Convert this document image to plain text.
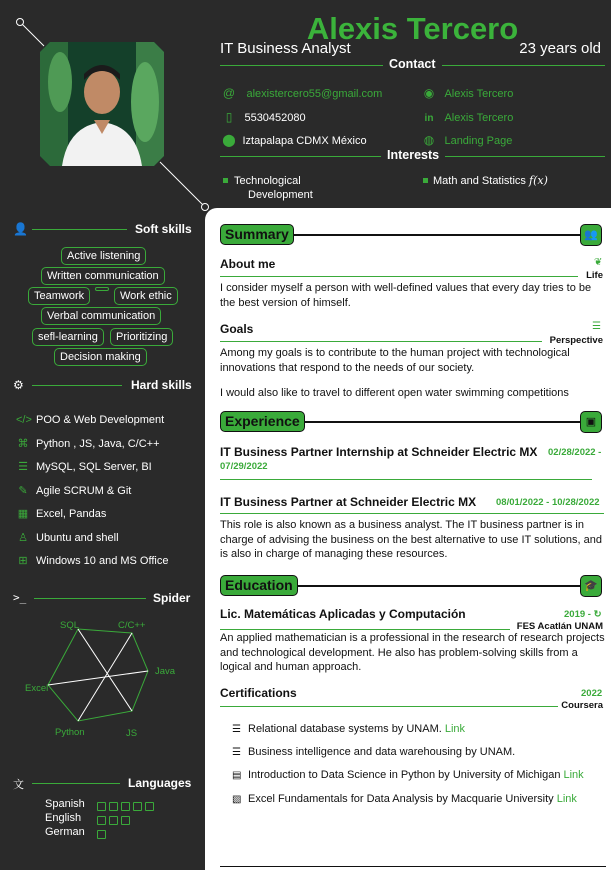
Alexis Tercero
IT Business Analyst	23 years old
Contact
@ alexistercero55@gmail.com
▯ 5530452080
⬤ Iztapalapa CDMX México
◉ Alexis Tercero
in Alexis Tercero
◍ Landing Page
Interests
Technological
Development
Math and Statistics f(x)
👤	Soft skills
Active listening
Written communication
Teamwork	Work ethic
Verbal communication
sefl-learning	Prioritizing
Decision making
⚙	Hard skills
</> POO & Web Development
⌘ Python , JS, Java, C/C++
☰ MySQL, SQL Server, BI
✎ Agile SCRUM & Git
▦ Excel, Pandas
♙ Ubuntu and shell
⊞ Windows 10 and MS Office
>_	Spider
SQL	C/C++
Java
JS
Python
Excel
文	Languages
Spanish
English
German
Summary	👥
About me	❦
Life
I consider myself a person with well-defined values that every day tries to be the best version of himself.
Goals	☰
Perspective
Among my goals is to contribute to the human project with technological innovations that respond to the needs of our society.
I would also like to travel to different open water swimming competitions
Experience	▣
IT Business Partner Internship at Schneider Electric MX 02/28/2022 -
07/29/2022
IT Business Partner at Schneider Electric MX 08/01/2022 - 10/28/2022
This role is also known as a business analyst. The IT business partner is in charge of advising the business on the best alternative to use IT solutions, and is also in charge of managing these resources.
Education	🎓
Lic. Matemáticas Aplicadas y Computación	2019 - ↻
FES Acatlán UNAM
An applied mathematician is a professional in the research of research projects and technological development. He also has problem-solving skills from a logical and human approach.
Certifications	2022
Coursera
☰ Relational database systems by UNAM. Link
☰ Business intelligence and data warehousing by UNAM.
▤ Introduction to Data Science in Python by University of Michigan Link
▧ Excel Fundamentals for Data Analysis by Macquarie University Link
